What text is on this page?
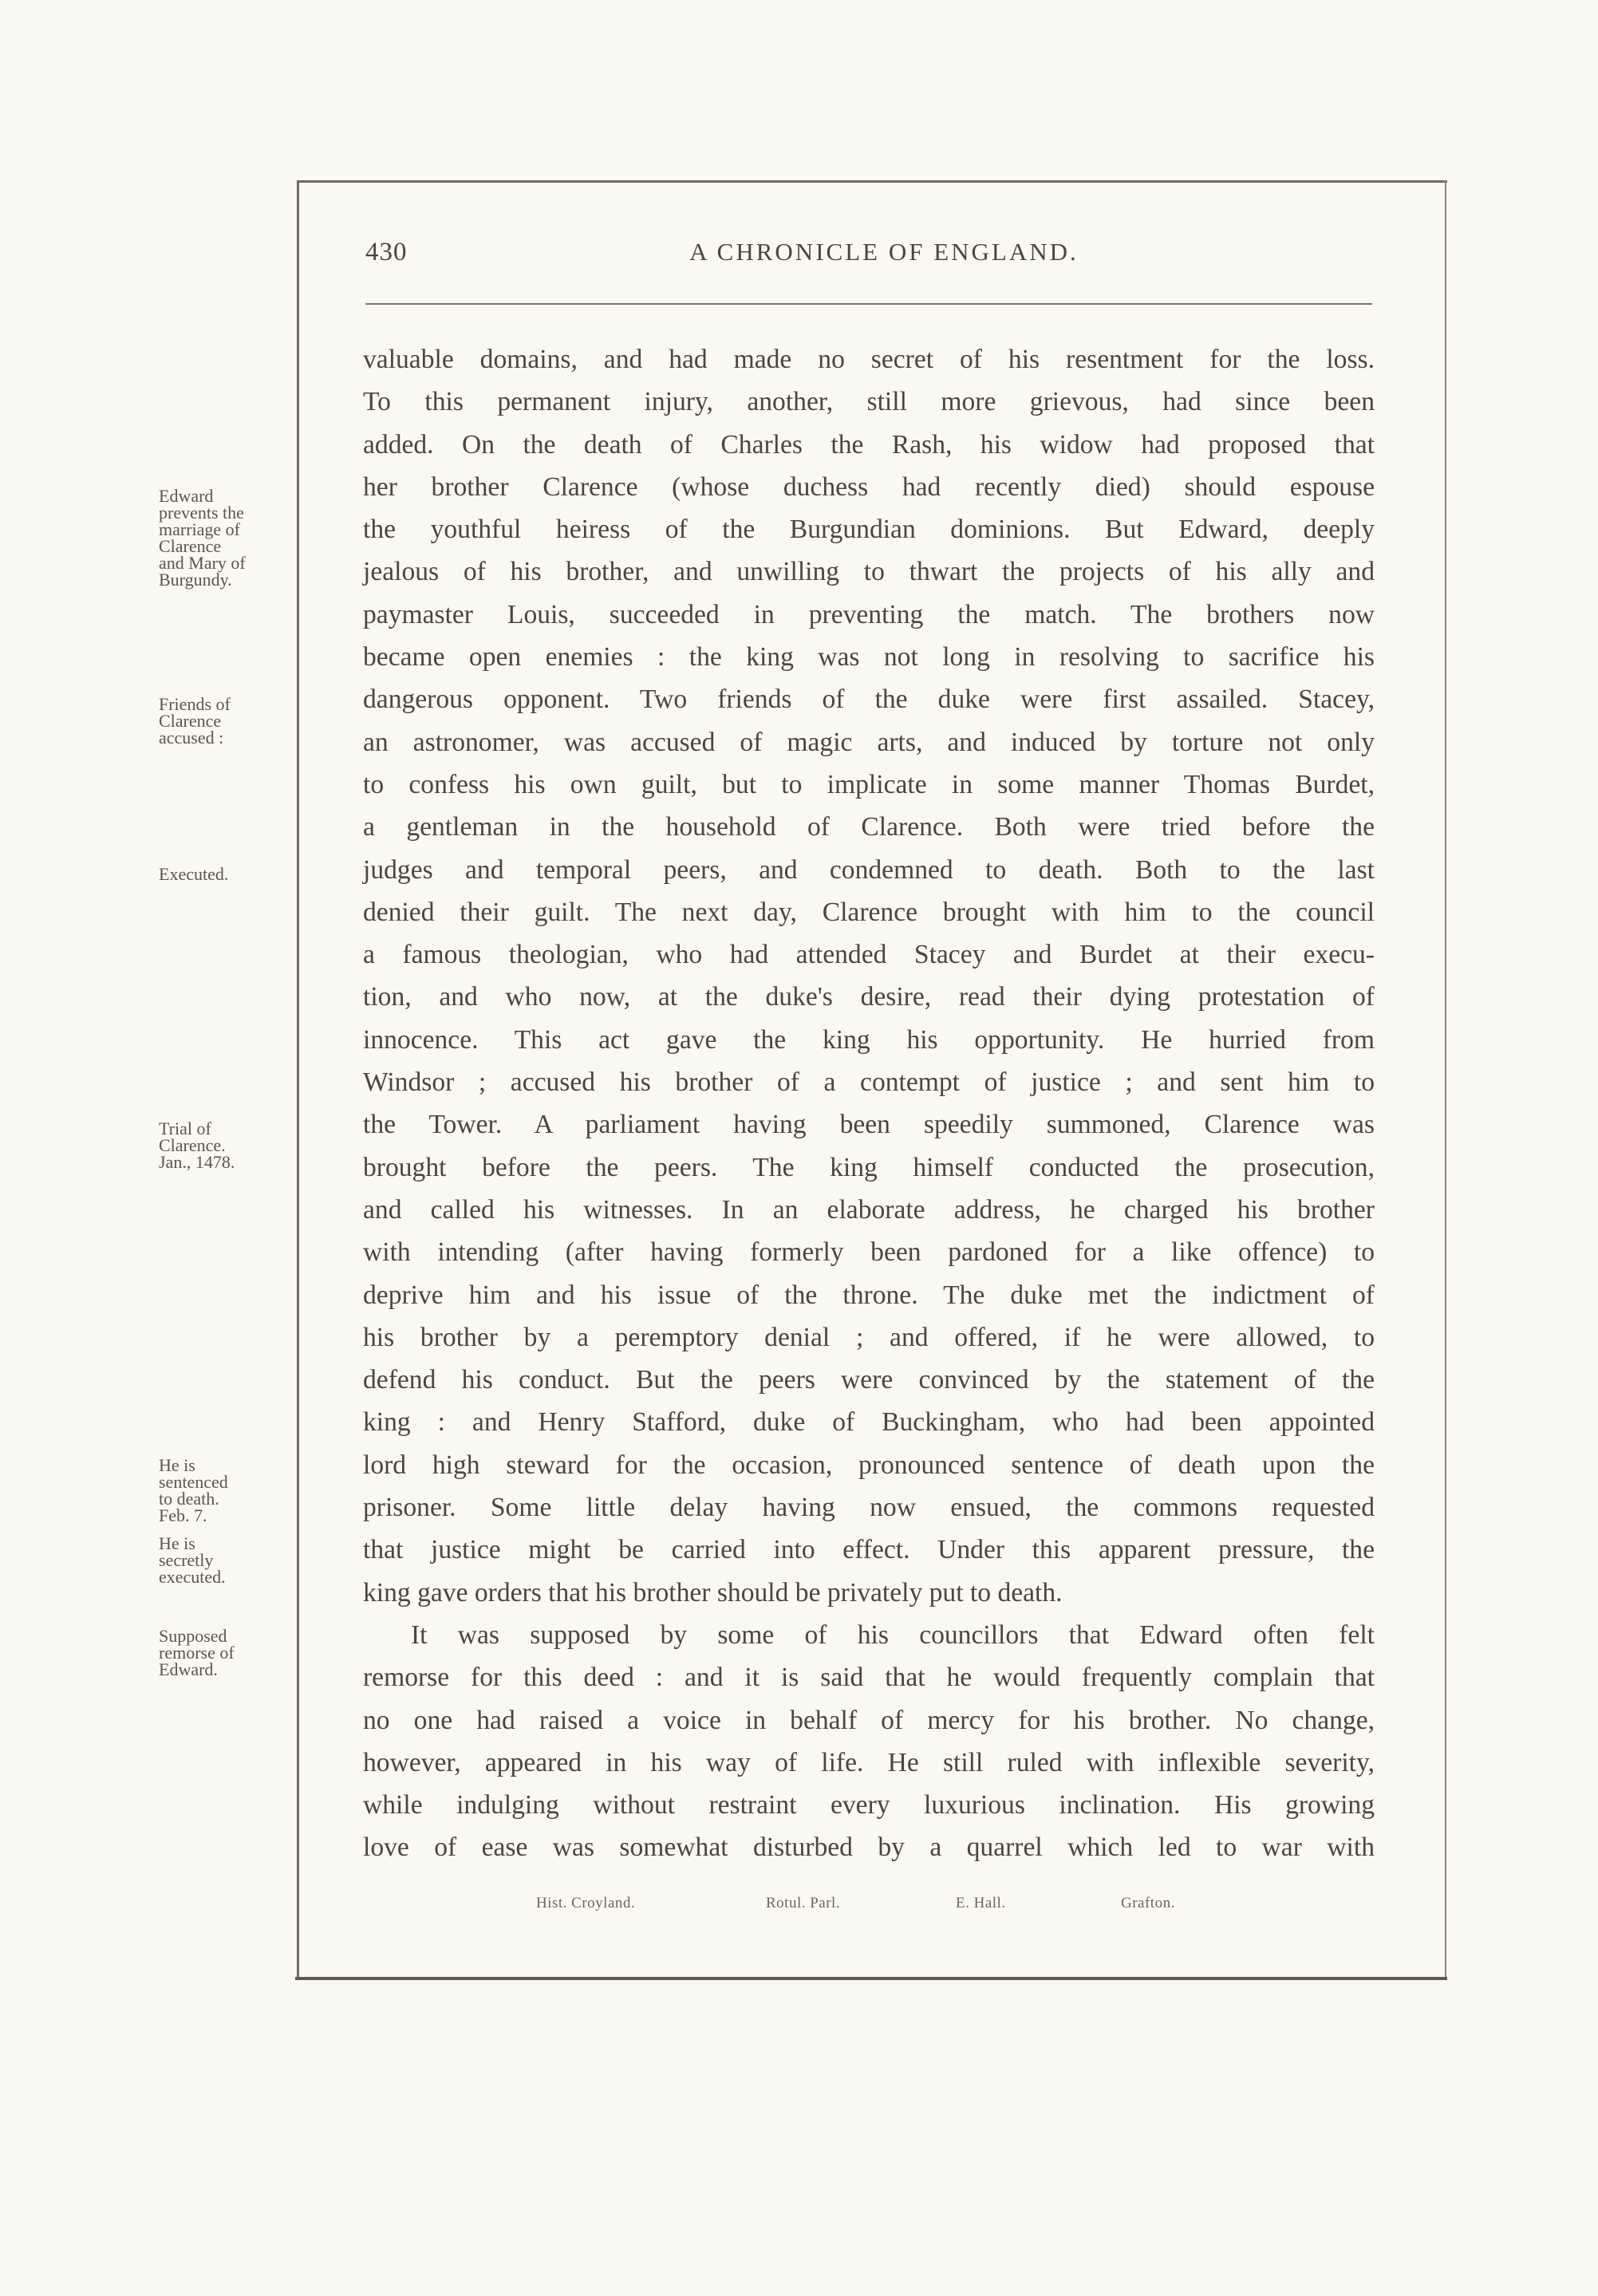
430	A CHRONICLE OF ENGLAND.
Edward
prevents the
marriage of
Clarence
and Mary of
Burgundy.
Friends of
Clarence
accused :
Executed.
Trial of
Clarence.
Jan., 1478.
He is
sentenced
to death.
Feb. 7.
He is
secretly
executed.
Supposed
remorse of
Edward.
valuable domains, and had made no secret of his resentment for the loss.
To this permanent injury, another, still more grievous, had since been
added. On the death of Charles the Rash, his widow had proposed that
her brother Clarence (whose duchess had recently died) should espouse
the youthful heiress of the Burgundian dominions. But Edward, deeply
jealous of his brother, and unwilling to thwart the projects of his ally and
paymaster Louis, succeeded in preventing the match. The brothers now
became open enemies : the king was not long in resolving to sacrifice his
dangerous opponent. Two friends of the duke were first assailed. Stacey,
an astronomer, was accused of magic arts, and induced by torture not only
to confess his own guilt, but to implicate in some manner Thomas Burdet,
a gentleman in the household of Clarence. Both were tried before the
judges and temporal peers, and condemned to death. Both to the last
denied their guilt. The next day, Clarence brought with him to the council
a famous theologian, who had attended Stacey and Burdet at their execu-
tion, and who now, at the duke's desire, read their dying protestation of
innocence. This act gave the king his opportunity. He hurried from
Windsor ; accused his brother of a contempt of justice ; and sent him to
the Tower. A parliament having been speedily summoned, Clarence was
brought before the peers. The king himself conducted the prosecution,
and called his witnesses. In an elaborate address, he charged his brother
with intending (after having formerly been pardoned for a like offence) to
deprive him and his issue of the throne. The duke met the indictment of
his brother by a peremptory denial ; and offered, if he were allowed, to
defend his conduct. But the peers were convinced by the statement of the
king : and Henry Stafford, duke of Buckingham, who had been appointed
lord high steward for the occasion, pronounced sentence of death upon the
prisoner. Some little delay having now ensued, the commons requested
that justice might be carried into effect. Under this apparent pressure, the
king gave orders that his brother should be privately put to death.
It was supposed by some of his councillors that Edward often felt
remorse for this deed : and it is said that he would frequently complain that
no one had raised a voice in behalf of mercy for his brother. No change,
however, appeared in his way of life. He still ruled with inflexible severity,
while indulging without restraint every luxurious inclination. His growing
love of ease was somewhat disturbed by a quarrel which led to war with
Hist. Croyland.	Rotul. Parl.	E. Hall.	Grafton.
